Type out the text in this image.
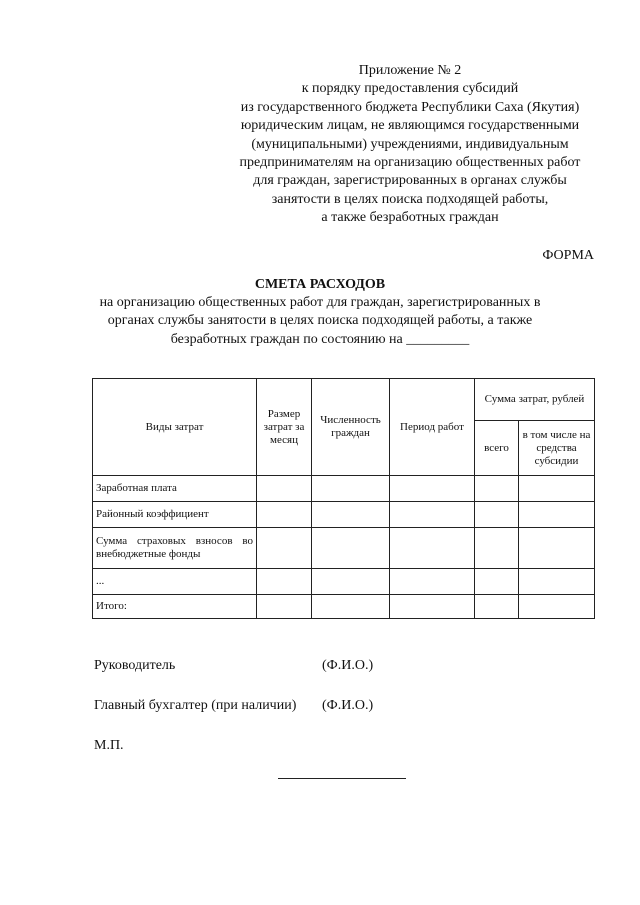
Приложение № 2
к порядку предоставления субсидий
из государственного бюджета Республики Саха (Якутия)
юридическим лицам, не являющимся государственными
(муниципальными) учреждениями, индивидуальным
предпринимателям на организацию общественных работ
для граждан, зарегистрированных в органах службы
занятости в целях поиска подходящей работы,
а также безработных граждан
ФОРМА
СМЕТА РАСХОДОВ
на организацию общественных работ для граждан, зарегистрированных в
органах службы занятости в целях поиска подходящей работы, а также
безработных граждан по состоянию на _________
Виды затрат	Размер затрат за месяц	Численность граждан	Период работ	Сумма затрат, рублей	
				всего	в том числе на средства субсидии
Заработная плата					
Районный коэффициент					
Сумма страховых взносов во внебюджетные фонды					
...					
Итого:					
Руководитель	(Ф.И.О.)
Главный бухгалтер (при наличии) (Ф.И.О.)
М.П.
